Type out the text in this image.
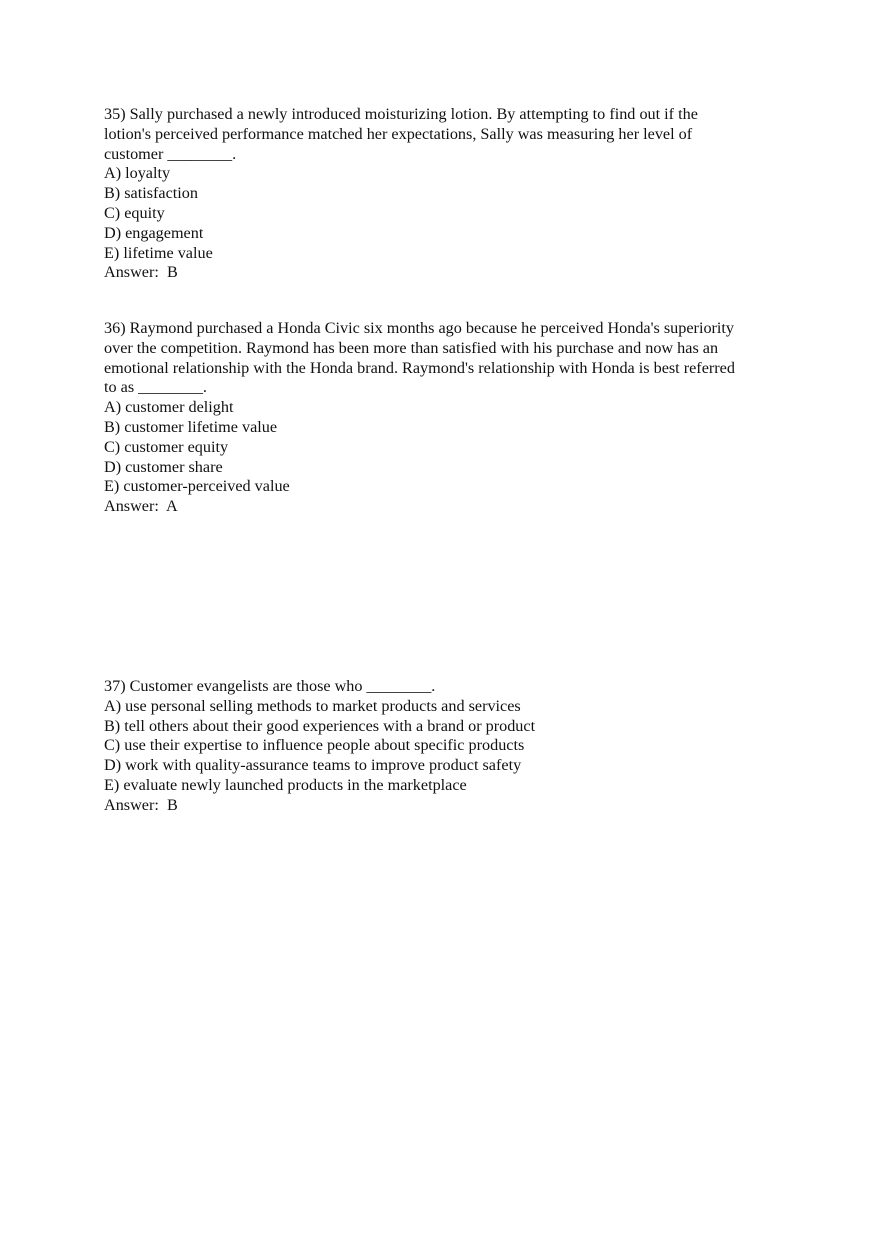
35) Sally purchased a newly introduced moisturizing lotion. By attempting to find out if the
lotion's perceived performance matched her expectations, Sally was measuring her level of
customer ________.
A) loyalty
B) satisfaction
C) equity
D) engagement
E) lifetime value
Answer:  B
36) Raymond purchased a Honda Civic six months ago because he perceived Honda's superiority
over the competition. Raymond has been more than satisfied with his purchase and now has an
emotional relationship with the Honda brand. Raymond's relationship with Honda is best referred
to as ________.
A) customer delight
B) customer lifetime value
C) customer equity
D) customer share
E) customer-perceived value
Answer:  A
37) Customer evangelists are those who ________.
A) use personal selling methods to market products and services
B) tell others about their good experiences with a brand or product
C) use their expertise to influence people about specific products
D) work with quality-assurance teams to improve product safety
E) evaluate newly launched products in the marketplace
Answer:  B
